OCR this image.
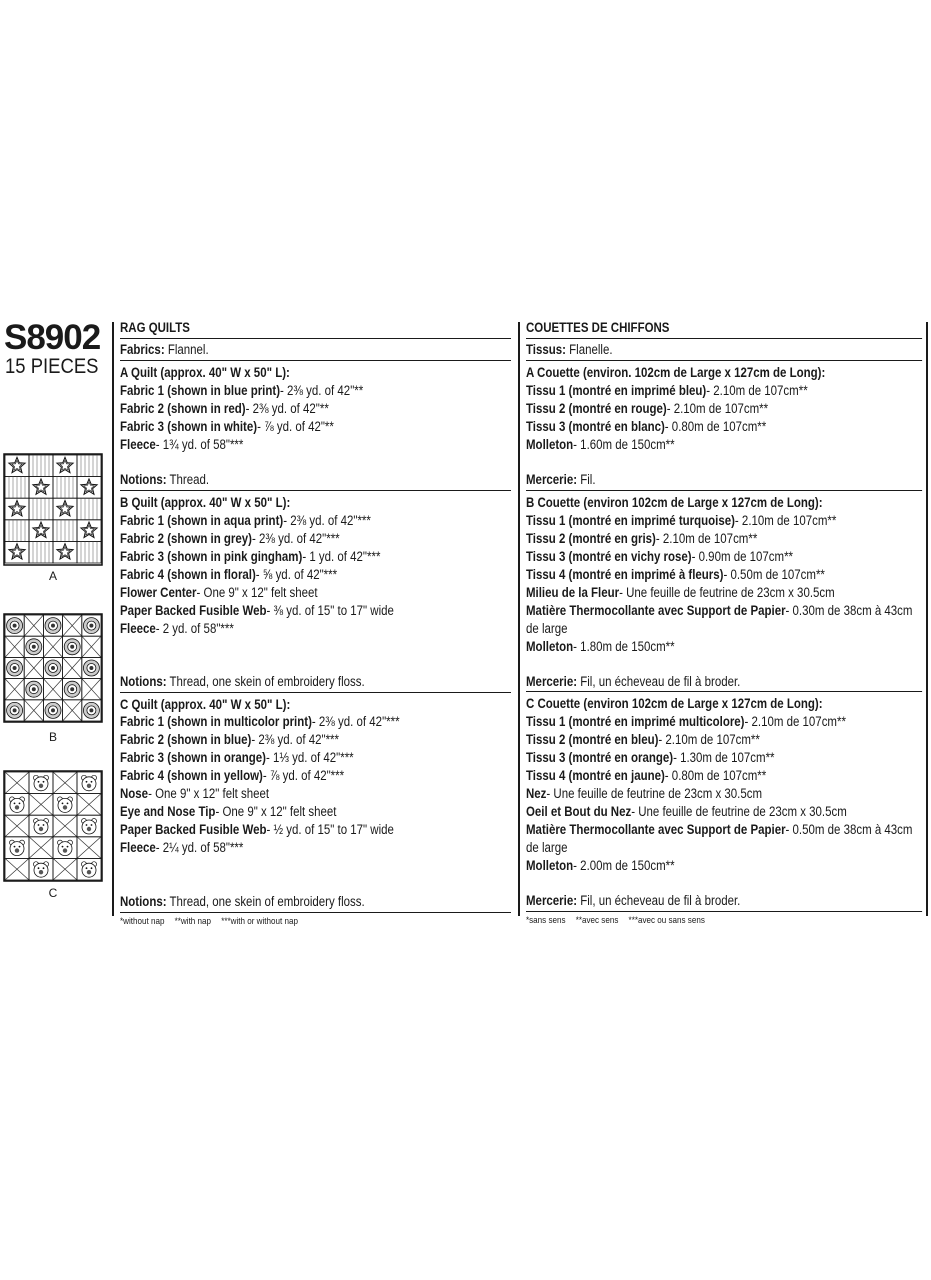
S8902
15 PIECES
A
B
C
RAG QUILTS
Fabrics: Flannel.
A Quilt (approx. 40" W x 50" L):
Fabric 1 (shown in blue print)- 2⅜ yd. of 42"**
Fabric 2 (shown in red)- 2⅜ yd. of 42"**
Fabric 3 (shown in white)- ⅞ yd. of 42"**
Fleece- 1¾ yd. of 58"***
Notions: Thread.
B Quilt (approx. 40" W x 50" L):
Fabric 1 (shown in aqua print)- 2⅜ yd. of 42"***
Fabric 2 (shown in grey)- 2⅜ yd. of 42"***
Fabric 3 (shown in pink gingham)- 1 yd. of 42"***
Fabric 4 (shown in floral)- ⅝ yd. of 42"***
Flower Center- One 9" x 12" felt sheet
Paper Backed Fusible Web- ⅜ yd. of 15" to 17" wide
Fleece- 2 yd. of 58"***
Notions: Thread, one skein of embroidery floss.
C Quilt (approx. 40" W x 50" L):
Fabric 1 (shown in multicolor print)- 2⅜ yd. of 42"***
Fabric 2 (shown in blue)- 2⅜ yd. of 42"***
Fabric 3 (shown in orange)- 1⅓ yd. of 42"***
Fabric 4 (shown in yellow)- ⅞ yd. of 42"***
Nose- One 9" x 12" felt sheet
Eye and Nose Tip- One 9" x 12" felt sheet
Paper Backed Fusible Web- ½ yd. of 15" to 17" wide
Fleece- 2¼ yd. of 58"***
Notions: Thread, one skein of embroidery floss.
*without nap **with nap ***with or without nap
COUETTES DE CHIFFONS
Tissus: Flanelle.
A Couette (environ. 102cm de Large x 127cm de Long):
Tissu 1 (montré en imprimé bleu)- 2.10m de 107cm**
Tissu 2 (montré en rouge)- 2.10m de 107cm**
Tissu 3 (montré en blanc)- 0.80m de 107cm**
Molleton- 1.60m de 150cm**
Mercerie: Fil.
B Couette (environ 102cm de Large x 127cm de Long):
Tissu 1 (montré en imprimé turquoise)- 2.10m de 107cm**
Tissu 2 (montré en gris)- 2.10m de 107cm**
Tissu 3 (montré en vichy rose)- 0.90m de 107cm**
Tissu 4 (montré en imprimé à fleurs)- 0.50m de 107cm**
Milieu de la Fleur- Une feuille de feutrine de 23cm x 30.5cm
Matière Thermocollante avec Support de Papier- 0.30m de 38cm à 43cm de large
Molleton- 1.80m de 150cm**
Mercerie: Fil, un écheveau de fil à broder.
C Couette (environ 102cm de Large x 127cm de Long):
Tissu 1 (montré en imprimé multicolore)- 2.10m de 107cm**
Tissu 2 (montré en bleu)- 2.10m de 107cm**
Tissu 3 (montré en orange)- 1.30m de 107cm**
Tissu 4 (montré en jaune)- 0.80m de 107cm**
Nez- Une feuille de feutrine de 23cm x 30.5cm
Oeil et Bout du Nez- Une feuille de feutrine de 23cm x 30.5cm
Matière Thermocollante avec Support de Papier- 0.50m de 38cm à 43cm de large
Molleton- 2.00m de 150cm**
Mercerie: Fil, un écheveau de fil à broder.
*sans sens **avec sens ***avec ou sans sens
